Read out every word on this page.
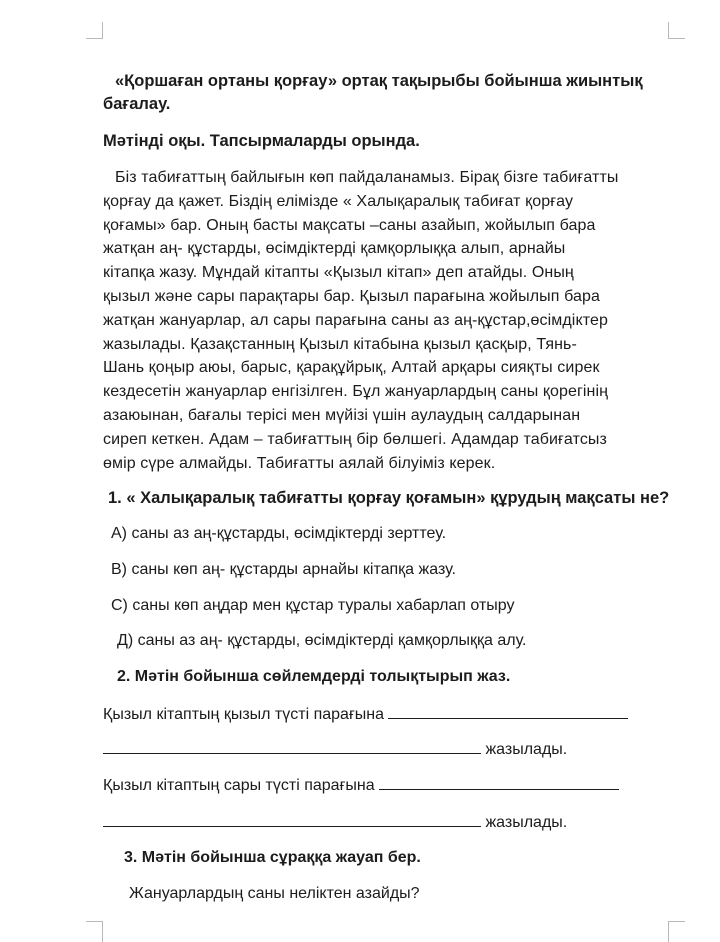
«Қоршаған ортаны қорғау» ортақ тақырыбы бойынша жиынтық
бағалау.
Мәтінді оқы. Тапсырмаларды орында.
Біз табиғаттың байлығын көп пайдаланамыз. Бірақ бізге табиғатты
қорғау да қажет. Біздің елімізде « Халықаралық табиғат қорғау
қоғамы» бар. Оның басты мақсаты –саны азайып, жойылып бара
жатқан аң- құстарды, өсімдіктерді қамқорлыққа алып, арнайы
кітапқа жазу. Мұндай кітапты «Қызыл кітап» деп атайды. Оның
қызыл және сары парақтары бар. Қызыл парағына жойылып бара
жатқан жануарлар, ал сары парағына саны аз аң-құстар,өсімдіктер
жазылады. Қазақстанның Қызыл кітабына қызыл қасқыр, Тянь-
Шань қоңыр аюы, барыс, қарақұйрық, Алтай арқары сияқты сирек
кездесетін жануарлар енгізілген. Бұл жануарлардың саны қорегінің
азаюынан, бағалы терісі мен мүйізі үшін аулаудың салдарынан
сиреп кеткен. Адам – табиғаттың бір бөлшегі. Адамдар табиғатсыз
өмір сүре алмайды. Табиғатты аялай білуіміз керек.
1. « Халықаралық табиғатты қорғау қоғамын» құрудың мақсаты не?
А) саны аз аң-құстарды, өсімдіктерді зерттеу.
В) саны көп аң- құстарды арнайы кітапқа жазу.
С) саны көп аңдар мен құстар туралы хабарлап отыру
Д) саны аз аң- құстарды, өсімдіктерді қамқорлыққа алу.
2. Мәтін бойынша сөйлемдерді толықтырып жаз.
Қызыл кітаптың қызыл түсті парағына
жазылады.
Қызыл кітаптың сары түсті парағына
жазылады.
3. Мәтін бойынша сұраққа жауап бер.
Жануарлардың саны неліктен азайды?
